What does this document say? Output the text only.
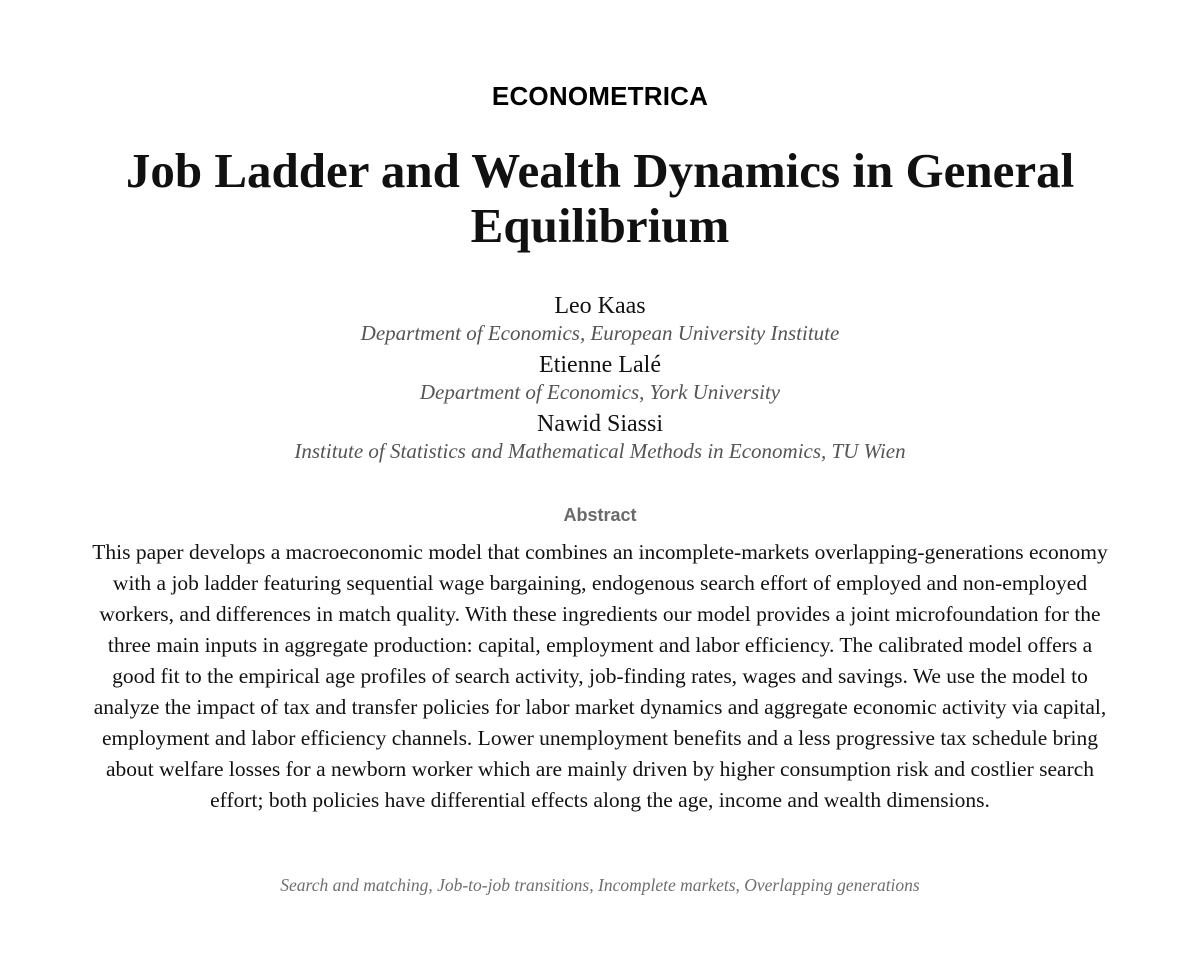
ECONOMETRICA
Job Ladder and Wealth Dynamics in General Equilibrium
Leo Kaas
Department of Economics, European University Institute
Etienne Lalé
Department of Economics, York University
Nawid Siassi
Institute of Statistics and Mathematical Methods in Economics, TU Wien
Abstract
This paper develops a macroeconomic model that combines an incomplete-markets overlapping-generations economy with a job ladder featuring sequential wage bargaining, endogenous search effort of employed and non-employed workers, and differences in match quality. With these ingredients our model provides a joint microfoundation for the three main inputs in aggregate production: capital, employment and labor efficiency. The calibrated model offers a good fit to the empirical age profiles of search activity, job-finding rates, wages and savings. We use the model to analyze the impact of tax and transfer policies for labor market dynamics and aggregate economic activity via capital, employment and labor efficiency channels. Lower unemployment benefits and a less progressive tax schedule bring about welfare losses for a newborn worker which are mainly driven by higher consumption risk and costlier search effort; both policies have differential effects along the age, income and wealth dimensions.
Search and matching, Job-to-job transitions, Incomplete markets, Overlapping generations
